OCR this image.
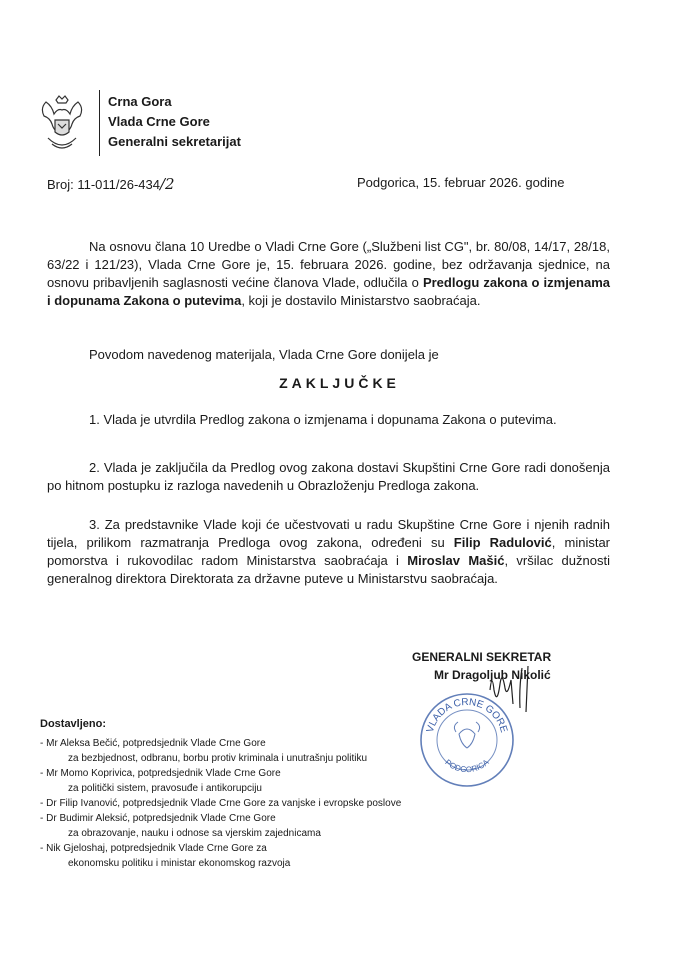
Crna Gora
Vlada Crne Gore
Generalni sekretarijat
Broj: 11-011/26-434/2	Podgorica, 15. februar 2026. godine
Na osnovu člana 10 Uredbe o Vladi Crne Gore („Službeni list CG", br. 80/08, 14/17, 28/18, 63/22 i 121/23), Vlada Crne Gore je, 15. februara 2026. godine, bez održavanja sjednice, na osnovu pribavljenih saglasnosti većine članova Vlade, odlučila o Predlogu zakona o izmjenama i dopunama Zakona o putevima, koji je dostavilo Ministarstvo saobraćaja.
Povodom navedenog materijala, Vlada Crne Gore donijela je
ZAKLJUČKE
1. Vlada je utvrdila Predlog zakona o izmjenama i dopunama Zakona o putevima.
2. Vlada je zaključila da Predlog ovog zakona dostavi Skupštini Crne Gore radi donošenja po hitnom postupku iz razloga navedenih u Obrazloženju Predloga zakona.
3. Za predstavnike Vlade koji će učestvovati u radu Skupštine Crne Gore i njenih radnih tijela, prilikom razmatranja Predloga ovog zakona, određeni su Filip Radulović, ministar pomorstva i rukovodilac radom Ministarstva saobraćaja i Miroslav Mašić, vršilac dužnosti generalnog direktora Direktorata za državne puteve u Ministarstvu saobraćaja.
VLADA CRNE GORE
PODGORICA
GENERALNI SEKRETAR
Mr Dragoljub Nikolić
Dostavljeno:
- Mr Aleksa Bečić, potpredsjednik Vlade Crne Gore
za bezbjednost, odbranu, borbu protiv kriminala i unutrašnju politiku
- Mr Momo Koprivica, potpredsjednik Vlade Crne Gore
za politički sistem, pravosuđe i antikorupciju
- Dr Filip Ivanović, potpredsjednik Vlade Crne Gore za vanjske i evropske poslove
- Dr Budimir Aleksić, potpredsjednik Vlade Crne Gore
za obrazovanje, nauku i odnose sa vjerskim zajednicama
- Nik Gjeloshaj, potpredsjednik Vlade Crne Gore za
ekonomsku politiku i ministar ekonomskog razvoja
